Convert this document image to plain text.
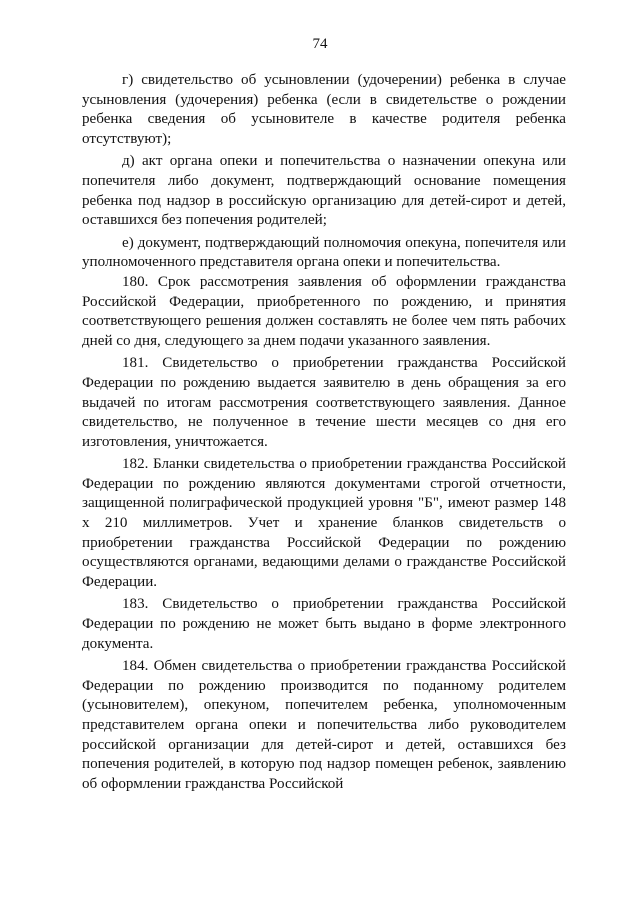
74

г) свидетельство об усыновлении (удочерении) ребенка в случае усыновления (удочерения) ребенка (если в свидетельстве о рождении ребенка сведения об усыновителе в качестве родителя ребенка отсутствуют);

д) акт органа опеки и попечительства о назначении опекуна или попечителя либо документ, подтверждающий основание помещения ребенка под надзор в российскую организацию для детей-сирот и детей, оставшихся без попечения родителей;

е) документ, подтверждающий полномочия опекуна, попечителя или уполномоченного представителя органа опеки и попечительства.

180. Срок рассмотрения заявления об оформлении гражданства Российской Федерации, приобретенного по рождению, и принятия соответствующего решения должен составлять не более чем пять рабочих дней со дня, следующего за днем подачи указанного заявления.

181. Свидетельство о приобретении гражданства Российской Федерации по рождению выдается заявителю в день обращения за его выдачей по итогам рассмотрения соответствующего заявления. Данное свидетельство, не полученное в течение шести месяцев со дня его изготовления, уничтожается.

182. Бланки свидетельства о приобретении гражданства Российской Федерации по рождению являются документами строгой отчетности, защищенной полиграфической продукцией уровня "Б", имеют размер 148 x 210 миллиметров. Учет и хранение бланков свидетельств о приобретении гражданства Российской Федерации по рождению осуществляются органами, ведающими делами о гражданстве Российской Федерации.

183. Свидетельство о приобретении гражданства Российской Федерации по рождению не может быть выдано в форме электронного документа.

184. Обмен свидетельства о приобретении гражданства Российской Федерации по рождению производится по поданному родителем (усыновителем), опекуном, попечителем ребенка, уполномоченным представителем органа опеки и попечительства либо руководителем российской организации для детей-сирот и детей, оставшихся без попечения родителей, в которую под надзор помещен ребенок, заявлению об оформлении гражданства Российской
